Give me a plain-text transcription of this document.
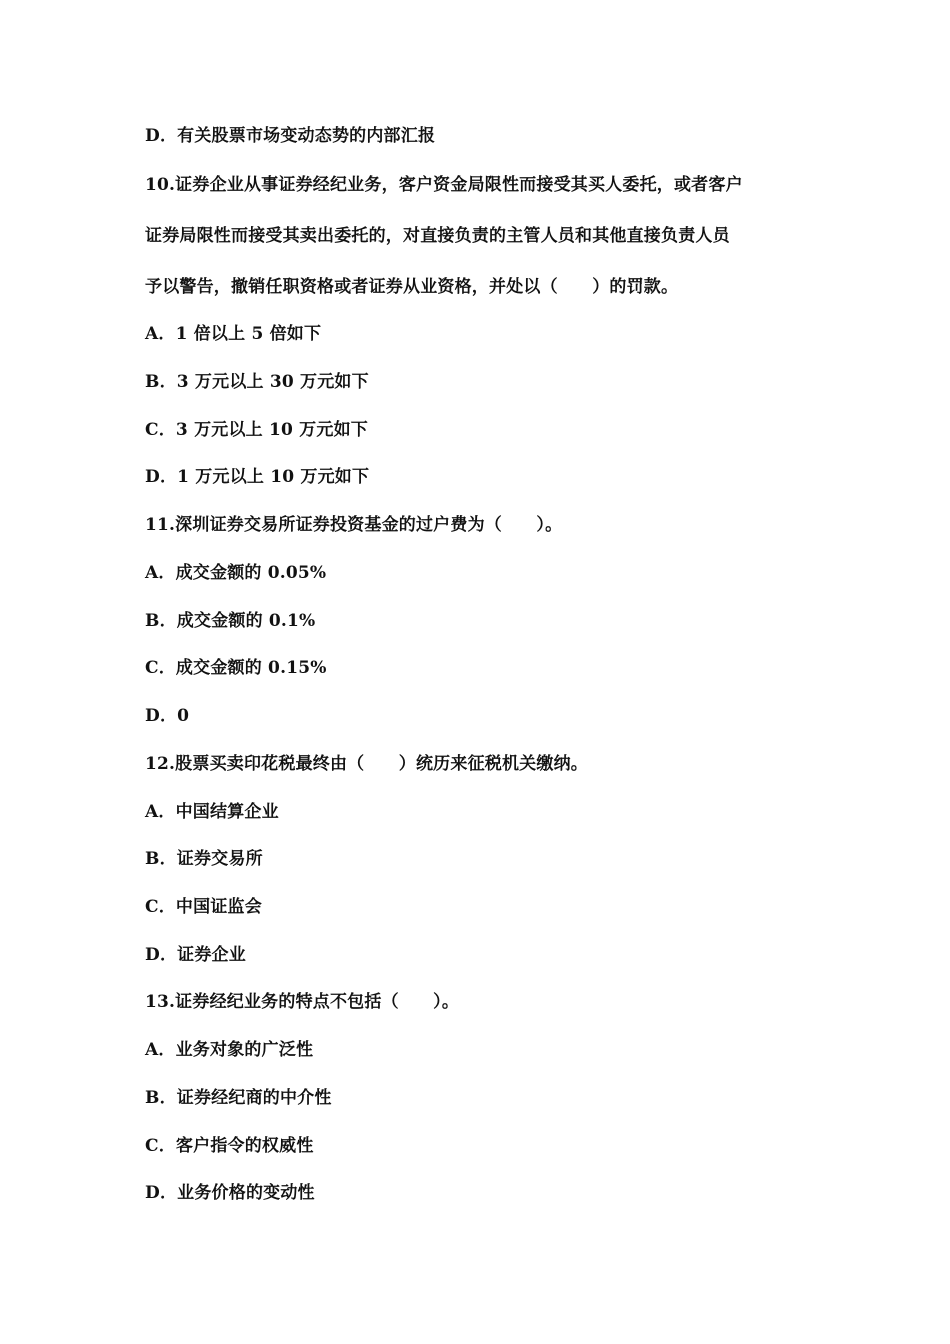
D．有关股票市场变动态势的内部汇报
10.证券企业从事证券经纪业务，客户资金局限性而接受其买人委托，或者客户
证券局限性而接受其卖出委托的，对直接负责的主管人员和其他直接负责人员
予以警告，撤销任职资格或者证券从业资格，并处以（　　）的罚款。
A．1 倍以上 5 倍如下
B．3 万元以上 30 万元如下
C．3 万元以上 10 万元如下
D．1 万元以上 10 万元如下
11.深圳证券交易所证券投资基金的过户费为（　　）。
A．成交金额的 0.05%
B．成交金额的 0.1%
C．成交金额的 0.15%
D．0
12.股票买卖印花税最终由（　　）统历来征税机关缴纳。
A．中国结算企业
B．证券交易所
C．中国证监会
D．证券企业
13.证券经纪业务的特点不包括（　　）。
A．业务对象的广泛性
B．证券经纪商的中介性
C．客户指令的权威性
D．业务价格的变动性
